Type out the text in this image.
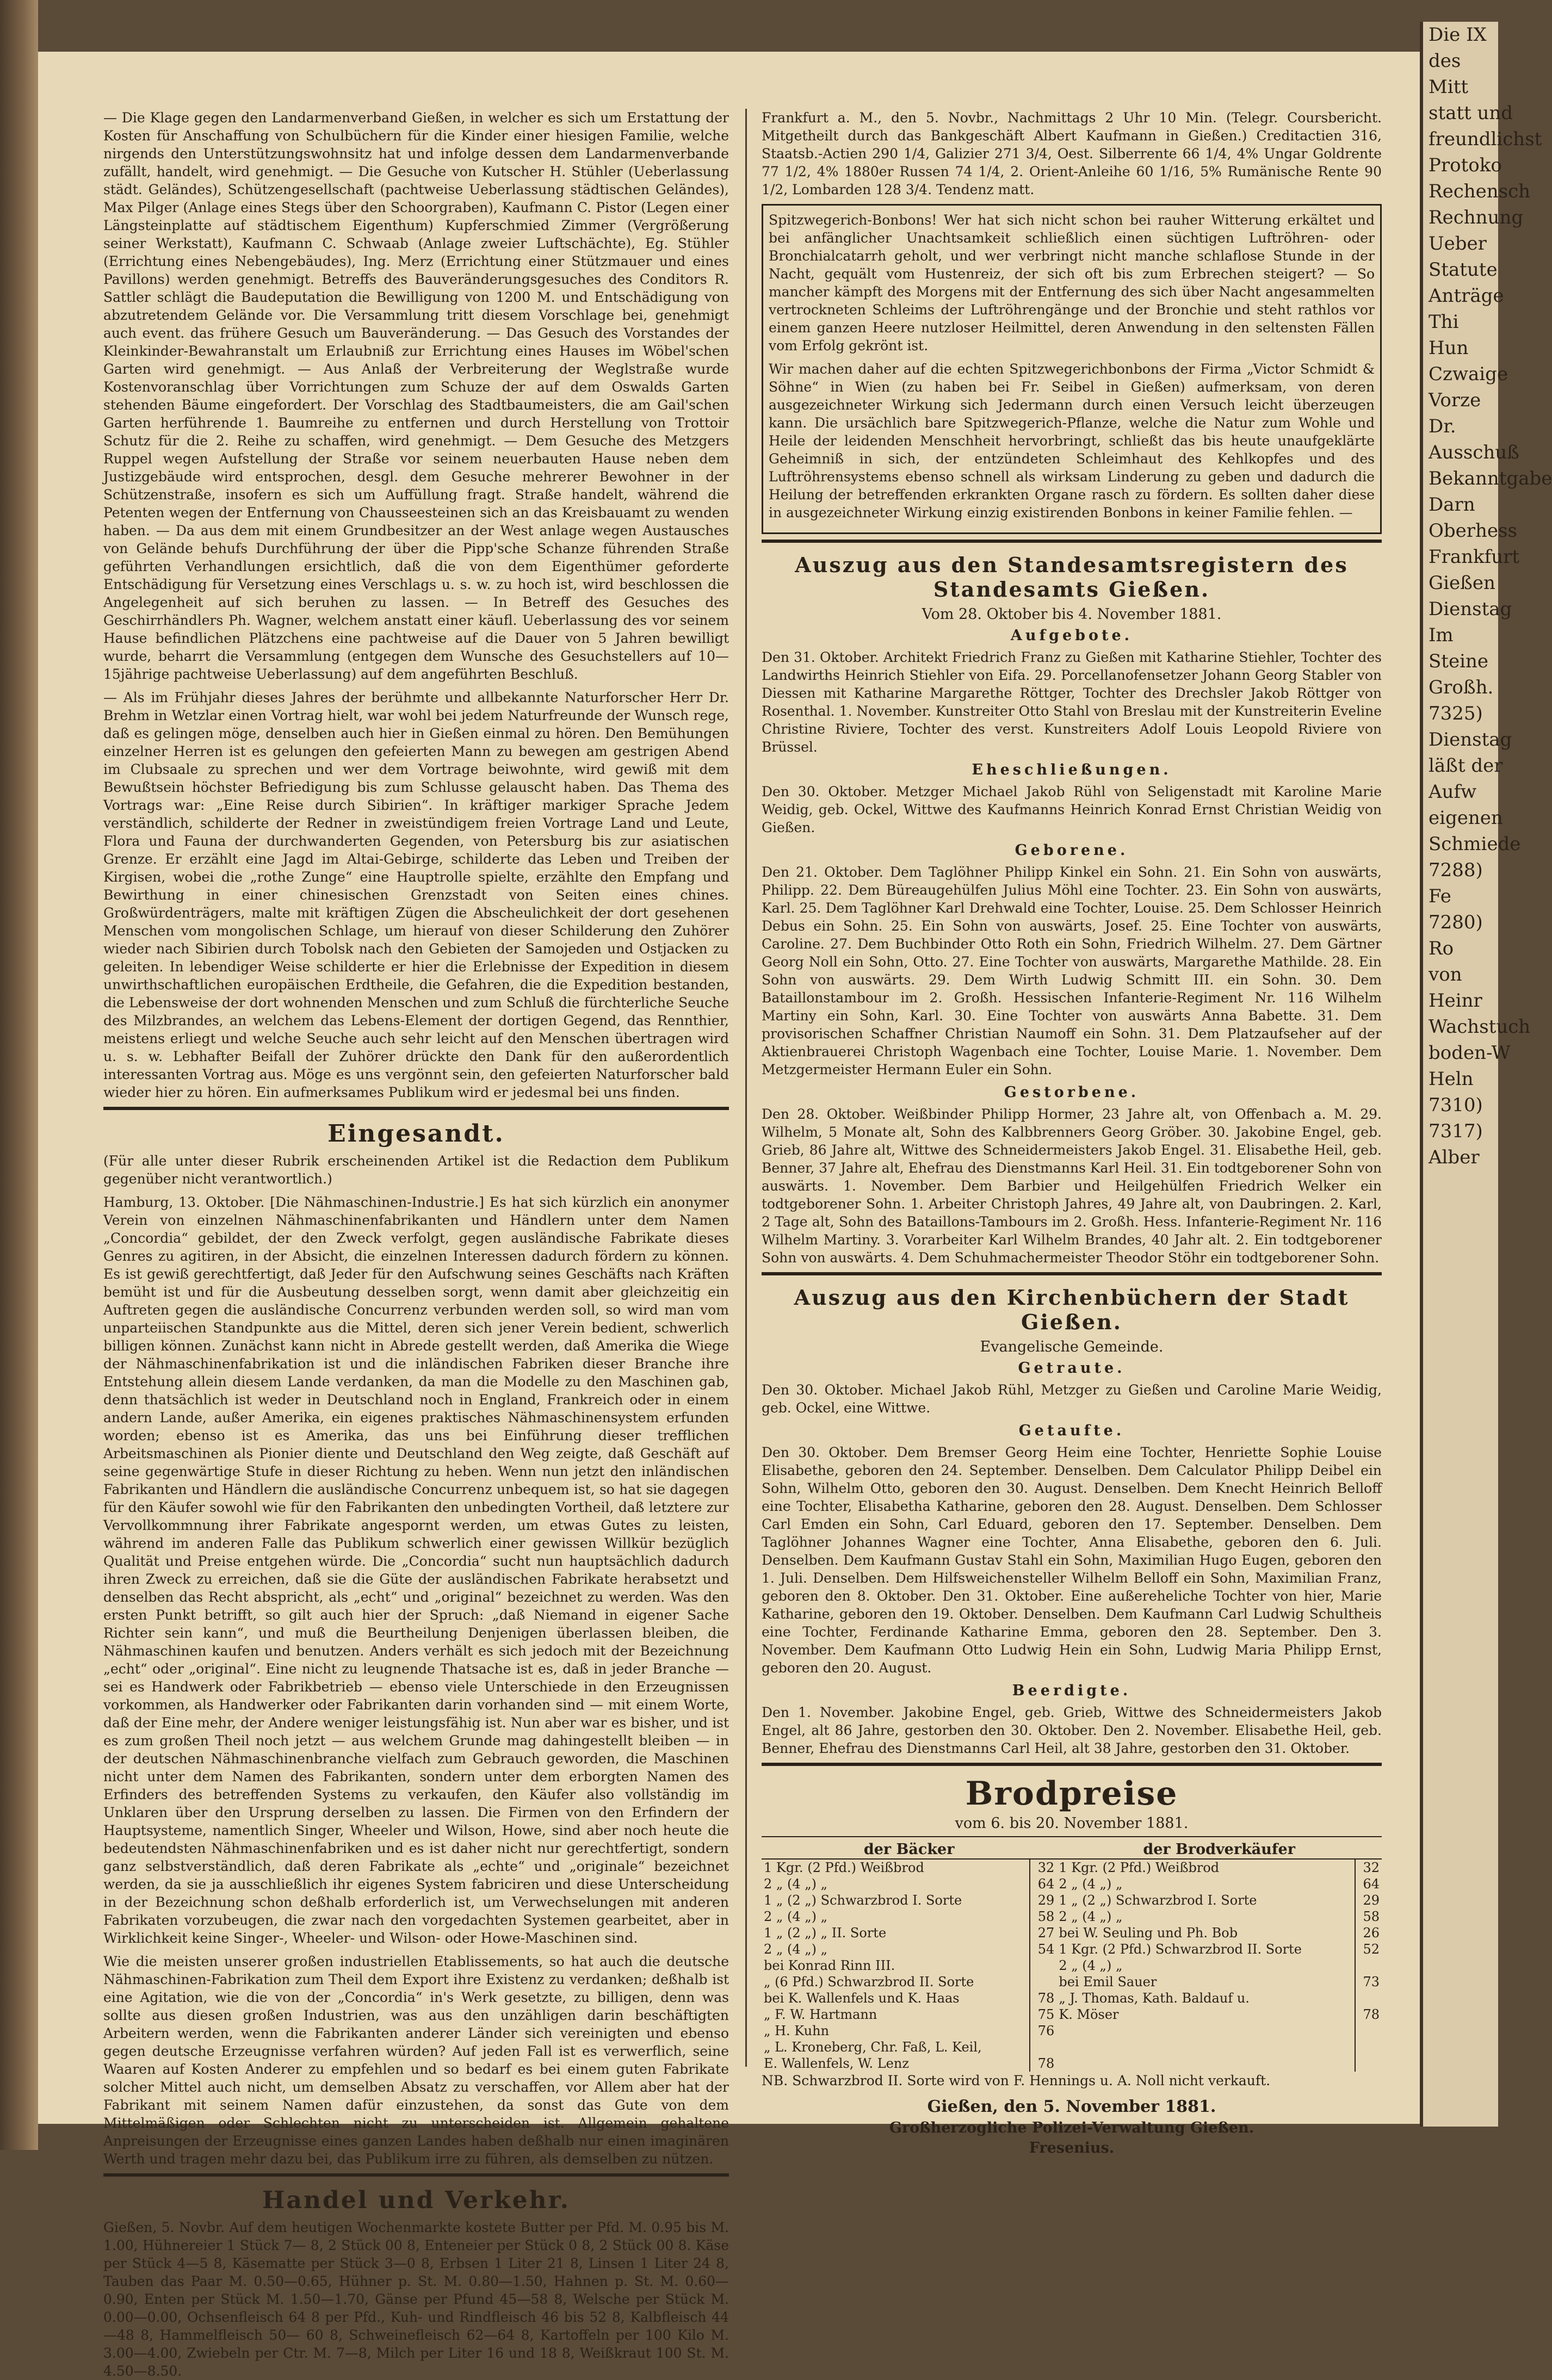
— Die Klage gegen den Landarmenverband Gießen, in welcher es sich um Erstattung der Kosten für Anschaffung von Schulbüchern für die Kinder einer hiesigen Familie, welche nirgends den Unterstützungswohnsitz hat und infolge dessen dem Landarmenverbande zufällt, handelt, wird genehmigt. — Die Gesuche von Kutscher H. Stühler (Ueberlassung städt. Geländes), Schützengesellschaft (pachtweise Ueberlassung städtischen Geländes), Max Pilger (Anlage eines Stegs über den Schoorgraben), Kaufmann C. Pistor (Legen einer Längsteinplatte auf städtischem Eigenthum) Kupferschmied Zimmer (Vergrößerung seiner Werkstatt), Kaufmann C. Schwaab (Anlage zweier Luftschächte), Eg. Stühler (Errichtung eines Nebengebäudes), Ing. Merz (Errichtung einer Stützmauer und eines Pavillons) werden genehmigt. Betreffs des Bauveränderungsgesuches des Conditors R. Sattler schlägt die Baudeputation die Bewilligung von 1200 M. und Entschädigung von abzutretendem Gelände vor. Die Versammlung tritt diesem Vorschlage bei, genehmigt auch event. das frühere Gesuch um Bauveränderung. — Das Gesuch des Vorstandes der Kleinkinder-Bewahranstalt um Erlaubniß zur Errichtung eines Hauses im Wöbel'schen Garten wird genehmigt. — Aus Anlaß der Verbreiterung der Weglstraße wurde Kostenvoranschlag über Vorrichtungen zum Schuze der auf dem Oswalds Garten stehenden Bäume eingefordert. Der Vorschlag des Stadtbaumeisters, die am Gail'schen Garten herführende 1. Baumreihe zu entfernen und durch Herstellung von Trottoir Schutz für die 2. Reihe zu schaffen, wird genehmigt. — Dem Gesuche des Metzgers Ruppel wegen Aufstellung der Straße vor seinem neuerbauten Hause neben dem Justizgebäude wird entsprochen, desgl. dem Gesuche mehrerer Bewohner in der Schützenstraße, insofern es sich um Auffüllung fragt. Straße handelt, während die Petenten wegen der Entfernung von Chausseesteinen sich an das Kreisbauamt zu wenden haben. — Da aus dem mit einem Grundbesitzer an der West anlage wegen Austausches von Gelände behufs Durchführung der über die Pipp'sche Schanze führenden Straße geführten Verhandlungen ersichtlich, daß die von dem Eigenthümer geforderte Entschädigung für Versetzung eines Verschlags u. s. w. zu hoch ist, wird beschlossen die Angelegenheit auf sich beruhen zu lassen. — In Betreff des Gesuches des Geschirrhändlers Ph. Wagner, welchem anstatt einer käufl. Ueberlassung des vor seinem Hause befindlichen Plätzchens eine pachtweise auf die Dauer von 5 Jahren bewilligt wurde, beharrt die Versammlung (entgegen dem Wunsche des Gesuchstellers auf 10—15jährige pachtweise Ueberlassung) auf dem angeführten Beschluß.

— Als im Frühjahr dieses Jahres der berühmte und allbekannte Naturforscher Herr Dr. Brehm in Wetzlar einen Vortrag hielt, war wohl bei jedem Naturfreunde der Wunsch rege, daß es gelingen möge, denselben auch hier in Gießen einmal zu hören. Den Bemühungen einzelner Herren ist es gelungen den gefeierten Mann zu bewegen am gestrigen Abend im Clubsaale zu sprechen und wer dem Vortrage beiwohnte, wird gewiß mit dem Bewußtsein höchster Befriedigung bis zum Schlusse gelauscht haben. Das Thema des Vortrags war: „Eine Reise durch Sibirien“. In kräftiger markiger Sprache Jedem verständlich, schilderte der Redner in zweistündigem freien Vortrage Land und Leute, Flora und Fauna der durchwanderten Gegenden, von Petersburg bis zur asiatischen Grenze. Er erzählt eine Jagd im Altai-Gebirge, schilderte das Leben und Treiben der Kirgisen, wobei die „rothe Zunge“ eine Hauptrolle spielte, erzählte den Empfang und Bewirthung in einer chinesischen Grenzstadt von Seiten eines chines. Großwürdenträgers, malte mit kräftigen Zügen die Abscheulichkeit der dort gesehenen Menschen vom mongolischen Schlage, um hierauf von dieser Schilderung den Zuhörer wieder nach Sibirien durch Tobolsk nach den Gebieten der Samojeden und Ostjacken zu geleiten. In lebendiger Weise schilderte er hier die Erlebnisse der Expedition in diesem unwirthschaftlichen europäischen Erdtheile, die Gefahren, die die Expedition bestanden, die Lebensweise der dort wohnenden Menschen und zum Schluß die fürchterliche Seuche des Milzbrandes, an welchem das Lebens-Element der dortigen Gegend, das Rennthier, meistens erliegt und welche Seuche auch sehr leicht auf den Menschen übertragen wird u. s. w. Lebhafter Beifall der Zuhörer drückte den Dank für den außerordentlich interessanten Vortrag aus. Möge es uns vergönnt sein, den gefeierten Naturforscher bald wieder hier zu hören. Ein aufmerksames Publikum wird er jedesmal bei uns finden.

Eingesandt.

(Für alle unter dieser Rubrik erscheinenden Artikel ist die Redaction dem Publikum gegenüber nicht verantwortlich.)

Hamburg, 13. Oktober. [Die Nähmaschinen-Industrie.] Es hat sich kürzlich ein anonymer Verein von einzelnen Nähmaschinenfabrikanten und Händlern unter dem Namen „Concordia“ gebildet, der den Zweck verfolgt, gegen ausländische Fabrikate dieses Genres zu agitiren, in der Absicht, die einzelnen Interessen dadurch fördern zu können. Es ist gewiß gerechtfertigt, daß Jeder für den Aufschwung seines Geschäfts nach Kräften bemüht ist und für die Ausbeutung desselben sorgt, wenn damit aber gleichzeitig ein Auftreten gegen die ausländische Concurrenz verbunden werden soll, so wird man vom unparteiischen Standpunkte aus die Mittel, deren sich jener Verein bedient, schwerlich billigen können. Zunächst kann nicht in Abrede gestellt werden, daß Amerika die Wiege der Nähmaschinenfabrikation ist und die inländischen Fabriken dieser Branche ihre Entstehung allein diesem Lande verdanken, da man die Modelle zu den Maschinen gab, denn thatsächlich ist weder in Deutschland noch in England, Frankreich oder in einem andern Lande, außer Amerika, ein eigenes praktisches Nähmaschinensystem erfunden worden; ebenso ist es Amerika, das uns bei Einführung dieser trefflichen Arbeitsmaschinen als Pionier diente und Deutschland den Weg zeigte, daß Geschäft auf seine gegenwärtige Stufe in dieser Richtung zu heben. Wenn nun jetzt den inländischen Fabrikanten und Händlern die ausländische Concurrenz unbequem ist, so hat sie dagegen für den Käufer sowohl wie für den Fabrikanten den unbedingten Vortheil, daß letztere zur Vervollkommnung ihrer Fabrikate angespornt werden, um etwas Gutes zu leisten, während im anderen Falle das Publikum schwerlich einer gewissen Willkür bezüglich Qualität und Preise entgehen würde. Die „Concordia“ sucht nun hauptsächlich dadurch ihren Zweck zu erreichen, daß sie die Güte der ausländischen Fabrikate herabsetzt und denselben das Recht abspricht, als „echt“ und „original“ bezeichnet zu werden. Was den ersten Punkt betrifft, so gilt auch hier der Spruch: „daß Niemand in eigener Sache Richter sein kann“, und muß die Beurtheilung Denjenigen überlassen bleiben, die Nähmaschinen kaufen und benutzen. Anders verhält es sich jedoch mit der Bezeichnung „echt“ oder „original“. Eine nicht zu leugnende Thatsache ist es, daß in jeder Branche — sei es Handwerk oder Fabrikbetrieb — ebenso viele Unterschiede in den Erzeugnissen vorkommen, als Handwerker oder Fabrikanten darin vorhanden sind — mit einem Worte, daß der Eine mehr, der Andere weniger leistungsfähig ist. Nun aber war es bisher, und ist es zum großen Theil noch jetzt — aus welchem Grunde mag dahingestellt bleiben — in der deutschen Nähmaschinenbranche vielfach zum Gebrauch geworden, die Maschinen nicht unter dem Namen des Fabrikanten, sondern unter dem erborgten Namen des Erfinders des betreffenden Systems zu verkaufen, den Käufer also vollständig im Unklaren über den Ursprung derselben zu lassen. Die Firmen von den Erfindern der Hauptsysteme, namentlich Singer, Wheeler und Wilson, Howe, sind aber noch heute die bedeutendsten Nähmaschinenfabriken und es ist daher nicht nur gerechtfertigt, sondern ganz selbstverständlich, daß deren Fabrikate als „echte“ und „originale“ bezeichnet werden, da sie ja ausschließlich ihr eigenes System fabriciren und diese Unterscheidung in der Bezeichnung schon deßhalb erforderlich ist, um Verwechselungen mit anderen Fabrikaten vorzubeugen, die zwar nach den vorgedachten Systemen gearbeitet, aber in Wirklichkeit keine Singer-, Wheeler- und Wilson- oder Howe-Maschinen sind.

Wie die meisten unserer großen industriellen Etablissements, so hat auch die deutsche Nähmaschinen-Fabrikation zum Theil dem Export ihre Existenz zu verdanken; deßhalb ist eine Agitation, wie die von der „Concordia“ in's Werk gesetzte, zu billigen, denn was sollte aus diesen großen Industrien, was aus den unzähligen darin beschäftigten Arbeitern werden, wenn die Fabrikanten anderer Länder sich vereinigten und ebenso gegen deutsche Erzeugnisse verfahren würden? Auf jeden Fall ist es verwerflich, seine Waaren auf Kosten Anderer zu empfehlen und so bedarf es bei einem guten Fabrikate solcher Mittel auch nicht, um demselben Absatz zu verschaffen, vor Allem aber hat der Fabrikant mit seinem Namen dafür einzustehen, da sonst das Gute von dem Mittelmäßigen oder Schlechten nicht zu unterscheiden ist. Allgemein gehaltene Anpreisungen der Erzeugnisse eines ganzen Landes haben deßhalb nur einen imaginären Werth und tragen mehr dazu bei, das Publikum irre zu führen, als demselben zu nützen.

Handel und Verkehr.

Gießen, 5. Novbr. Auf dem heutigen Wochenmarkte kostete Butter per Pfd. M. 0.95 bis M. 1.00, Hühnereier 1 Stück 7— 8, 2 Stück 00 8, Enteneier per Stück 0 8, 2 Stück 00 8. Käse per Stück 4—5 8, Käsematte per Stück 3—0 8, Erbsen 1 Liter 21 8, Linsen 1 Liter 24 8, Tauben das Paar M. 0.50—0.65, Hühner p. St. M. 0.80—1.50, Hahnen p. St. M. 0.60—0.90, Enten per Stück M. 1.50—1.70, Gänse per Pfund 45—58 8, Welsche per Stück M. 0.00—0.00, Ochsenfleisch 64 8 per Pfd., Kuh- und Rindfleisch 46 bis 52 8, Kalbfleisch 44—48 8, Hammelfleisch 50— 60 8, Schweinefleisch 62—64 8, Kartoffeln per 100 Kilo M. 3.00—4.00, Zwiebeln per Ctr. M. 7—8, Milch per Liter 16 und 18 8, Weißkraut 100 St. M. 4.50—8.50.

Frankfurt a. M., den 5. Novbr., Nachmittags 2 Uhr 10 Min. (Telegr. Coursbericht. Mitgetheilt durch das Bankgeschäft Albert Kaufmann in Gießen.) Creditactien 316, Staatsb.-Actien 290 1/4, Galizier 271 3/4, Oest. Silberrente 66 1/4, 4% Ungar Goldrente 77 1/2, 4% 1880er Russen 74 1/4, 2. Orient-Anleihe 60 1/16, 5% Rumänische Rente 90 1/2, Lombarden 128 3/4. Tendenz matt.

Spitzwegerich-Bonbons! Wer hat sich nicht schon bei rauher Witterung erkältet und bei anfänglicher Unachtsamkeit schließlich einen süchtigen Luftröhren- oder Bronchialcatarrh geholt, und wer verbringt nicht manche schlaflose Stunde in der Nacht, gequält vom Hustenreiz, der sich oft bis zum Erbrechen steigert? — So mancher kämpft des Morgens mit der Entfernung des sich über Nacht angesammelten vertrockneten Schleims der Luftröhrengänge und der Bronchie und steht rathlos vor einem ganzen Heere nutzloser Heilmittel, deren Anwendung in den seltensten Fällen vom Erfolg gekrönt ist.

Wir machen daher auf die echten Spitzwegerichbonbons der Firma „Victor Schmidt & Söhne“ in Wien (zu haben bei Fr. Seibel in Gießen) aufmerksam, von deren ausgezeichneter Wirkung sich Jedermann durch einen Versuch leicht überzeugen kann. Die ursächlich bare Spitzwegerich-Pflanze, welche die Natur zum Wohle und Heile der leidenden Menschheit hervorbringt, schließt das bis heute unaufgeklärte Geheimniß in sich, der entzündeten Schleimhaut des Kehlkopfes und des Luftröhrensystems ebenso schnell als wirksam Linderung zu geben und dadurch die Heilung der betreffenden erkrankten Organe rasch zu fördern. Es sollten daher diese in ausgezeichneter Wirkung einzig existirenden Bonbons in keiner Familie fehlen. —

Auszug aus den Standesamtsregistern des Standesamts Gießen.
Vom 28. Oktober bis 4. November 1881.
Aufgebote.

Den 31. Oktober. Architekt Friedrich Franz zu Gießen mit Katharine Stiehler, Tochter des Landwirths Heinrich Stiehler von Eifa. 29. Porcellanofensetzer Johann Georg Stabler von Diessen mit Katharine Margarethe Röttger, Tochter des Drechsler Jakob Röttger von Rosenthal. 1. November. Kunstreiter Otto Stahl von Breslau mit der Kunstreiterin Eveline Christine Riviere, Tochter des verst. Kunstreiters Adolf Louis Leopold Riviere von Brüssel.

Eheschließungen.

Den 30. Oktober. Metzger Michael Jakob Rühl von Seligenstadt mit Karoline Marie Weidig, geb. Ockel, Wittwe des Kaufmanns Heinrich Konrad Ernst Christian Weidig von Gießen.

Geborene.

Den 21. Oktober. Dem Taglöhner Philipp Kinkel ein Sohn. 21. Ein Sohn von auswärts, Philipp. 22. Dem Büreaugehülfen Julius Möhl eine Tochter. 23. Ein Sohn von auswärts, Karl. 25. Dem Taglöhner Karl Drehwald eine Tochter, Louise. 25. Dem Schlosser Heinrich Debus ein Sohn. 25. Ein Sohn von auswärts, Josef. 25. Eine Tochter von auswärts, Caroline. 27. Dem Buchbinder Otto Roth ein Sohn, Friedrich Wilhelm. 27. Dem Gärtner Georg Noll ein Sohn, Otto. 27. Eine Tochter von auswärts, Margarethe Mathilde. 28. Ein Sohn von auswärts. 29. Dem Wirth Ludwig Schmitt III. ein Sohn. 30. Dem Bataillonstambour im 2. Großh. Hessischen Infanterie-Regiment Nr. 116 Wilhelm Martiny ein Sohn, Karl. 30. Eine Tochter von auswärts Anna Babette. 31. Dem provisorischen Schaffner Christian Naumoff ein Sohn. 31. Dem Platzaufseher auf der Aktienbrauerei Christoph Wagenbach eine Tochter, Louise Marie. 1. November. Dem Metzgermeister Hermann Euler ein Sohn.

Gestorbene.

Den 28. Oktober. Weißbinder Philipp Hormer, 23 Jahre alt, von Offenbach a. M. 29. Wilhelm, 5 Monate alt, Sohn des Kalbbrenners Georg Gröber. 30. Jakobine Engel, geb. Grieb, 86 Jahre alt, Wittwe des Schneidermeisters Jakob Engel. 31. Elisabethe Heil, geb. Benner, 37 Jahre alt, Ehefrau des Dienstmanns Karl Heil. 31. Ein todtgeborener Sohn von auswärts. 1. November. Dem Barbier und Heilgehülfen Friedrich Welker ein todtgeborener Sohn. 1. Arbeiter Christoph Jahres, 49 Jahre alt, von Daubringen. 2. Karl, 2 Tage alt, Sohn des Bataillons-Tambours im 2. Großh. Hess. Infanterie-Regiment Nr. 116 Wilhelm Martiny. 3. Vorarbeiter Karl Wilhelm Brandes, 40 Jahr alt. 2. Ein todtgeborener Sohn von auswärts. 4. Dem Schuhmachermeister Theodor Stöhr ein todtgeborener Sohn.

Auszug aus den Kirchenbüchern der Stadt Gießen.
Evangelische Gemeinde.
Getraute.

Den 30. Oktober. Michael Jakob Rühl, Metzger zu Gießen und Caroline Marie Weidig, geb. Ockel, eine Wittwe.

Getaufte.

Den 30. Oktober. Dem Bremser Georg Heim eine Tochter, Henriette Sophie Louise Elisabethe, geboren den 24. September. Denselben. Dem Calculator Philipp Deibel ein Sohn, Wilhelm Otto, geboren den 30. August. Denselben. Dem Knecht Heinrich Belloff eine Tochter, Elisabetha Katharine, geboren den 28. August. Denselben. Dem Schlosser Carl Emden ein Sohn, Carl Eduard, geboren den 17. September. Denselben. Dem Taglöhner Johannes Wagner eine Tochter, Anna Elisabethe, geboren den 6. Juli. Denselben. Dem Kaufmann Gustav Stahl ein Sohn, Maximilian Hugo Eugen, geboren den 1. Juli. Denselben. Dem Hilfsweichensteller Wilhelm Belloff ein Sohn, Maximilian Franz, geboren den 8. Oktober. Den 31. Oktober. Eine außereheliche Tochter von hier, Marie Katharine, geboren den 19. Oktober. Denselben. Dem Kaufmann Carl Ludwig Schultheis eine Tochter, Ferdinande Katharine Emma, geboren den 28. September. Den 3. November. Dem Kaufmann Otto Ludwig Hein ein Sohn, Ludwig Maria Philipp Ernst, geboren den 20. August.

Beerdigte.

Den 1. November. Jakobine Engel, geb. Grieb, Wittwe des Schneidermeisters Jakob Engel, alt 86 Jahre, gestorben den 30. Oktober. Den 2. November. Elisabethe Heil, geb. Benner, Ehefrau des Dienstmanns Carl Heil, alt 38 Jahre, gestorben den 31. Oktober.

Brodpreise
vom 6. bis 20. November 1881.
der Bäcker		der Brodverkäufer	
1 Kgr. (2 Pfd.) Weißbrod	32	1 Kgr. (2 Pfd.) Weißbrod	32
2 „ (4 „) „	64	2 „ (4 „) „	64
1 „ (2 „) Schwarzbrod I. Sorte	29	1 „ (2 „) Schwarzbrod I. Sorte	29
2 „ (4 „) „	58	2 „ (4 „) „	58
1 „ (2 „) „ II. Sorte	27	bei W. Seuling und Ph. Bob	26
2 „ (4 „) „	54	1 Kgr. (2 Pfd.) Schwarzbrod II. Sorte	52
bei Konrad Rinn III.		2 „ (4 „) „	
„ (6 Pfd.) Schwarzbrod II. Sorte		bei Emil Sauer	73
bei K. Wallenfels und K. Haas	78	„ J. Thomas, Kath. Baldauf u.	
„ F. W. Hartmann	75	K. Möser	78
„ H. Kuhn	76		
„ L. Kroneberg, Chr. Faß, L. Keil,			
E. Wallenfels, W. Lenz	78		

NB. Schwarzbrod II. Sorte wird von F. Hennings u. A. Noll nicht verkauft.

Gießen, den 5. November 1881.
Großherzogliche Polizei-Verwaltung Gießen.
Fresenius.
Die IX
des
Mitt
statt und
freundlichst
Protoko
Rechensch
Rechnung
Ueber
Statute
Anträge
Thi
Hun
Czwaige
Vorze
Dr.
Ausschuß
Bekanntgabe
Darn
Oberhess
Frankfurt
Gießen
Dienstag
Im
Steine
Großh.
7325)
Dienstag
läßt der
Aufw
eigenen
Schmiede
7288)
Fe
7280)
Ro
von
Heinr
Wachstuch
boden-W
Heln
7310)
7317)
Alber
